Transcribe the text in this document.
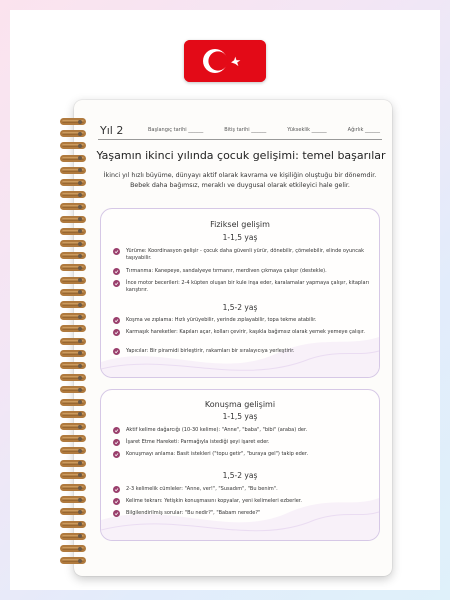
Yıl 2	Başlangıç tarihi ______	Bitiş tarihi ______	Yükseklik ______	Ağırlık ______
Yaşamın ikinci yılında çocuk gelişimi: temel başarılar
İkinci yıl hızlı büyüme, dünyayı aktif olarak kavrama ve kişiliğin oluştuğu bir dönemdir. Bebek daha bağımsız, meraklı ve duygusal olarak etkileyici hale gelir.
Fiziksel gelişim
1-1,5 yaş
Yürüme: Koordinasyon gelişir - çocuk daha güvenli yürür, dönebilir, çömelebilir, elinde oyuncak taşıyabilir.
Tırmanma: Kanepeye, sandalyeye tırmanır, merdiven çıkmaya çalışır (destekle).
İnce motor becerileri: 2-4 küpten oluşan bir kule inşa eder, karalamalar yapmaya çalışır, kitapları karıştırır.
1,5-2 yaş
Koşma ve zıplama: Hızlı yürüyebilir, yerinde zıplayabilir, topa tekme atabilir.
Karmaşık hareketler: Kapıları açar, kolları çevirir, kaşıkla bağımsız olarak yemek yemeye çalışır.
Yapıcılar: Bir piramidi birleştirir, rakamları bir sıralayıcıya yerleştirir.
Konuşma gelişimi
1-1,5 yaş
Aktif kelime dağarcığı (10-30 kelime): "Anne", "baba", "bibi" (araba) der.
İşaret Etme Hareketi: Parmağıyla istediği şeyi işaret eder.
Konuşmayı anlama: Basit istekleri ("topu getir", "buraya gel") takip eder.
1,5-2 yaş
2-3 kelimelik cümleler: "Anne, ver!", "Susadım", "Bu benim".
Kelime tekrarı: Yetişkin konuşmasını kopyalar, yeni kelimeleri ezberler.
Bilgilendirilmiş sorular: "Bu nedir?", "Babam nerede?"
